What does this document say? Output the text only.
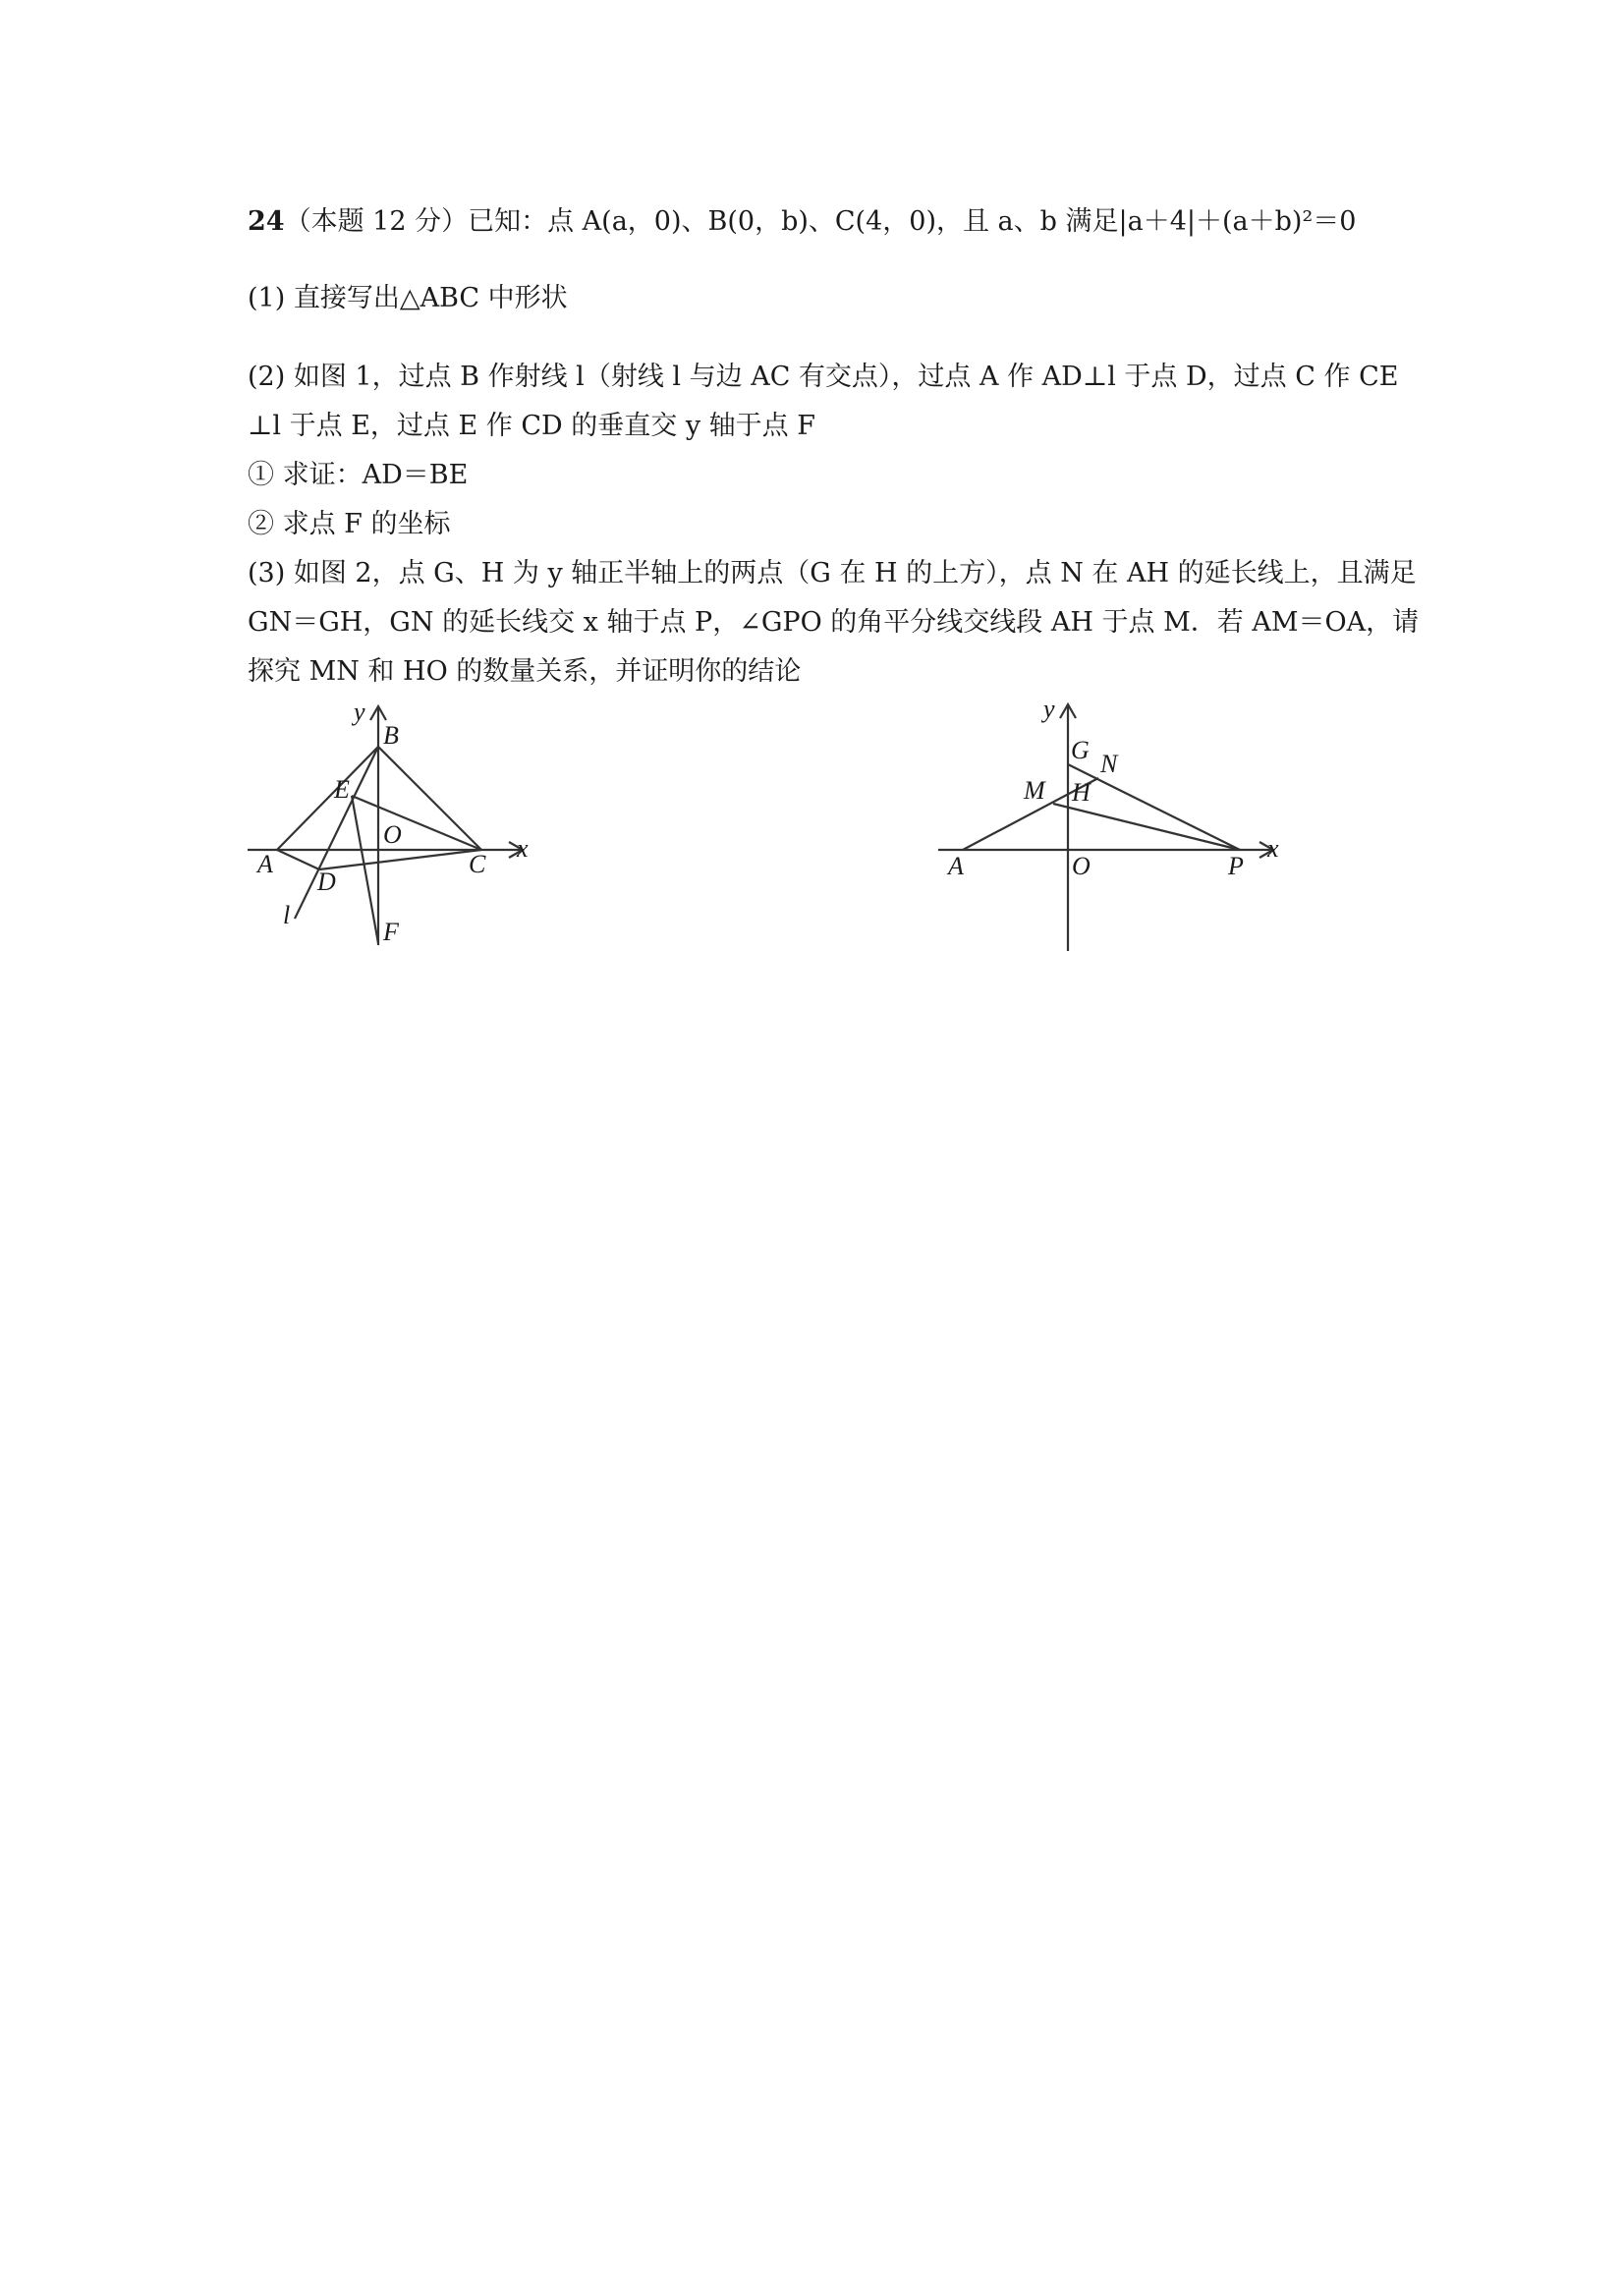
24（本题 12 分）已知：点 A(a，0)、B(0，b)、C(4，0)，且 a、b 满足|a＋4|＋(a＋b)²＝0
(1) 直接写出△ABC 中形状
(2) 如图 1，过点 B 作射线 l（射线 l 与边 AC 有交点），过点 A 作 AD⊥l 于点 D，过点 C 作 CE
⊥l 于点 E，过点 E 作 CD 的垂直交 y 轴于点 F
① 求证：AD＝BE
② 求点 F 的坐标
(3) 如图 2，点 G、H 为 y 轴正半轴上的两点（G 在 H 的上方），点 N 在 AH 的延长线上，且满足
GN＝GH，GN 的延长线交 x 轴于点 P，∠GPO 的角平分线交线段 AH 于点 M．若 AM＝OA，请
探究 MN 和 HO 的数量关系，并证明你的结论
y
B
E
O
A
D
C
x
l
F
y
G N
M H
A	O	P
x
